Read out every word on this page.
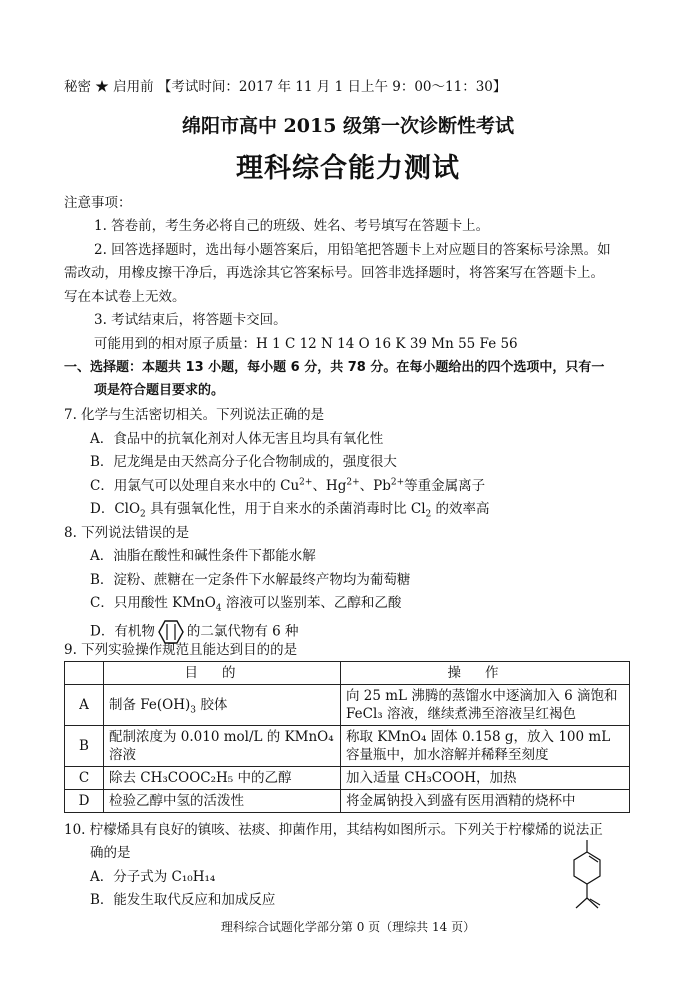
秘密 ★ 启用前 【考试时间：2017 年 11 月 1 日上午 9：00～11：30】
绵阳市高中 2015 级第一次诊断性考试
理科综合能力测试
注意事项：
1. 答卷前，考生务必将自己的班级、姓名、考号填写在答题卡上。
2. 回答选择题时，选出每小题答案后，用铅笔把答题卡上对应题目的答案标号涂黑。如
需改动，用橡皮擦干净后，再选涂其它答案标号。回答非选择题时，将答案写在答题卡上。
写在本试卷上无效。
3. 考试结束后，将答题卡交回。
可能用到的相对原子质量：H 1 C 12 N 14 O 16 K 39 Mn 55 Fe 56
一、选择题：本题共 13 小题，每小题 6 分，共 78 分。在每小题给出的四个选项中，只有一
项是符合题目要求的。
7. 化学与生活密切相关。下列说法正确的是
A．食品中的抗氧化剂对人体无害且均具有氧化性
B．尼龙绳是由天然高分子化合物制成的，强度很大
C．用氯气可以处理自来水中的 $Cu^{2+}$、$Hg^{2+}$、$Pb^{2+}$等重金属离子
D．ClO$_2$ 具有强氧化性，用于自来水的杀菌消毒时比 $Cl_2$ 的效率高
8. 下列说法错误的是
A．油脂在酸性和碱性条件下都能水解
B．淀粉、蔗糖在一定条件下水解最终产物均为葡萄糖
C．只用酸性 KMnO$_4$ 溶液可以鉴别苯、乙醇和乙酸
D．有机物 的二氯代物有 6 种
9. 下列实验操作规范且能达到目的的是
	目的	操作
A	制备 $Fe(OH)_3$ 胶体	向 25 mL 沸腾的蒸馏水中逐滴加入 6 滴饱和 FeCl₃ 溶液，继续煮沸至溶液呈红褐色
B	配制浓度为 0.010 mol/L 的 KMnO₄溶液	称取 KMnO₄ 固体 0.158 g，放入 100 mL 容量瓶中，加水溶解并稀释至刻度
C	除去 CH₃COOC₂H₅ 中的乙醇	加入适量 CH₃COOH，加热
D	检验乙醇中氢的活泼性	将金属钠投入到盛有医用酒精的烧杯中
10. 柠檬烯具有良好的镇咳、祛痰、抑菌作用，其结构如图所示。下列关于柠檬烯的说法正
确的是
A．分子式为 C₁₀H₁₄
B．能发生取代反应和加成反应
理科综合试题化学部分第 0 页（理综共 14 页）
